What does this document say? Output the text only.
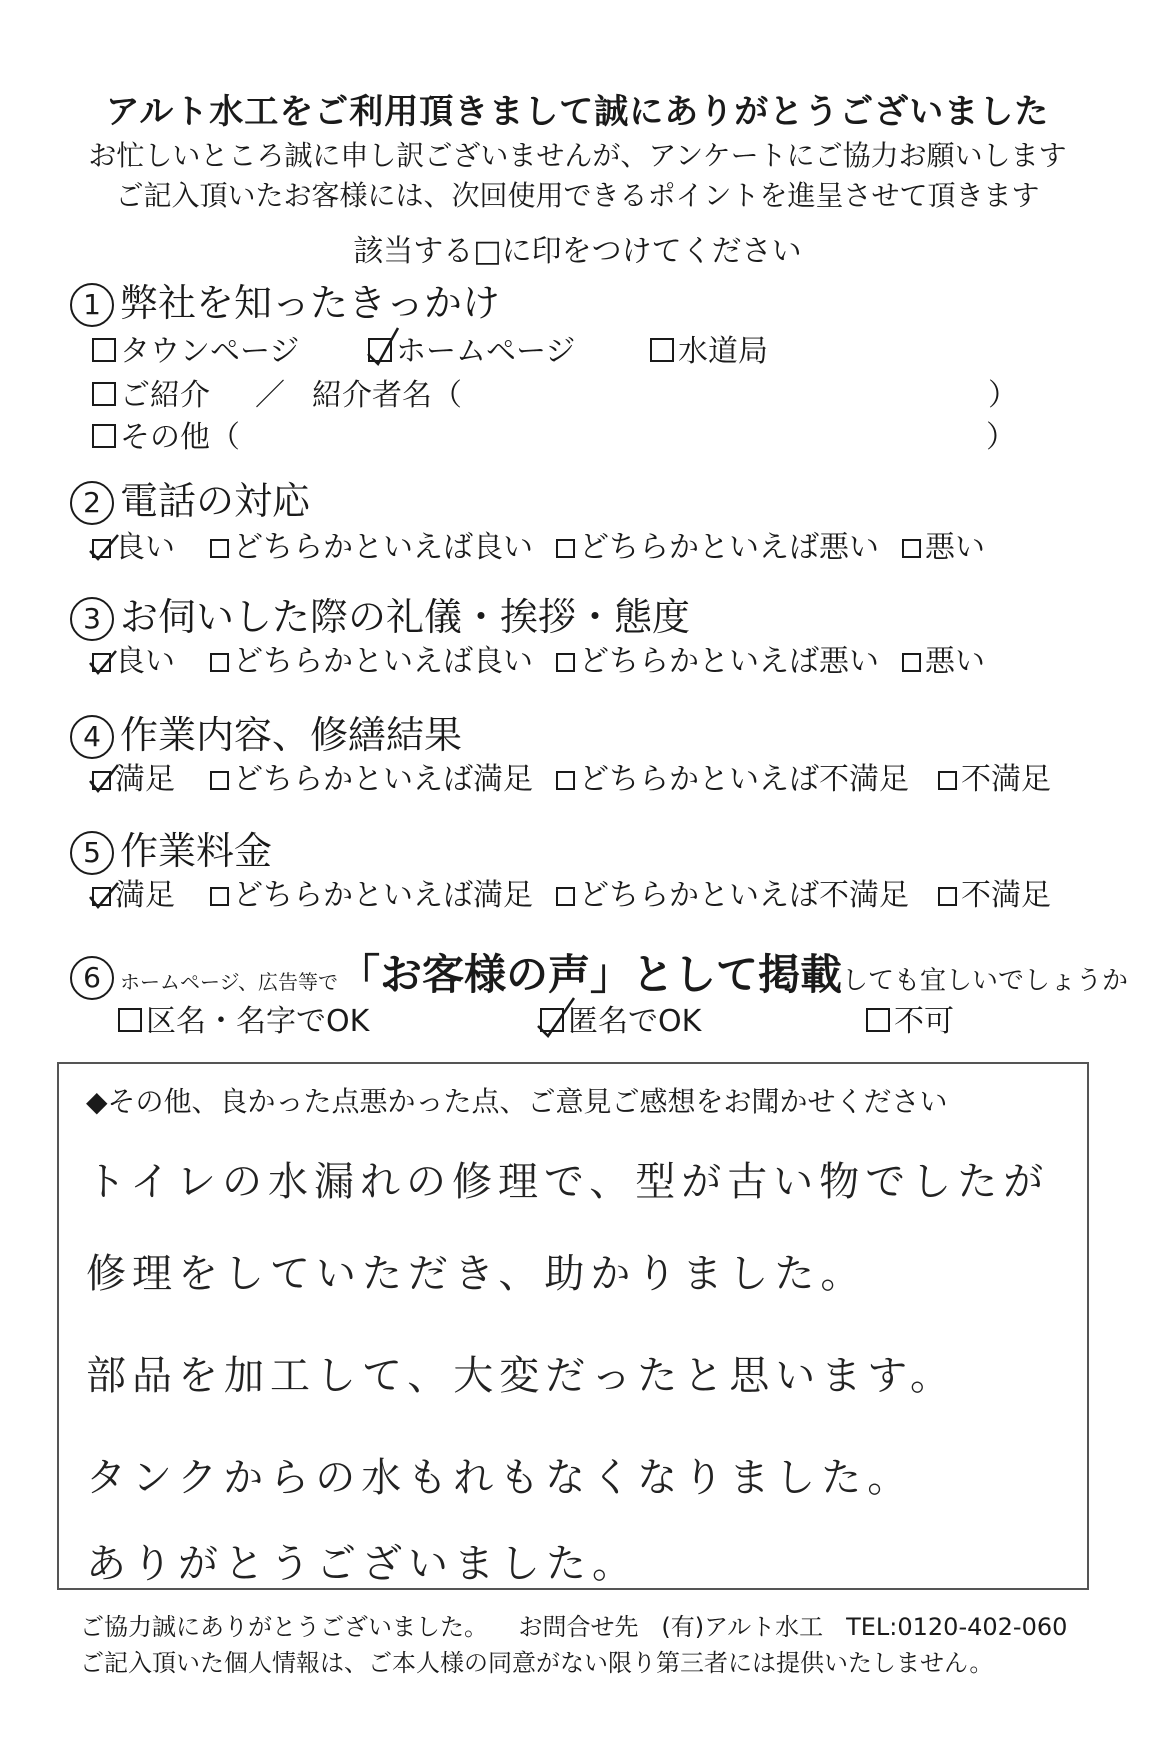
アルト水工をご利用頂きまして誠にありがとうございました
お忙しいところ誠に申し訳ございませんが、アンケートにご協力お願いします
ご記入頂いたお客様には、次回使用できるポイントを進呈させて頂きます
該当する□に印をつけてください
1 弊社を知ったきっかけ
タウンページ	ホームページ	水道局
ご紹介 ／ 紹介者名（	）
その他（	）
2 電話の対応
良い	どちらかといえば良い	どちらかといえば悪い	悪い
3 お伺いした際の礼儀・挨拶・態度
良い	どちらかといえば良い	どちらかといえば悪い	悪い
4 作業内容、修繕結果
満足	どちらかといえば満足	どちらかといえば不満足	不満足
5 作業料金
満足	どちらかといえば満足	どちらかといえば不満足	不満足
6 ホームページ、広告等で「お客様の声」として掲載しても宜しいでしょうか
区名・名字でOK	匿名でOK	不可
◆その他、良かった点悪かった点、ご意見ご感想をお聞かせください
トイレの水漏れの修理で、型が古い物でしたが
修理をしていただき、助かりました。
部品を加工して、大変だったと思います。
タンクからの水もれもなくなりました。
ありがとうございました。
ご協力誠にありがとうございました。 お問合せ先 (有)アルト水工 TEL:0120-402-060
ご記入頂いた個人情報は、ご本人様の同意がない限り第三者には提供いたしません。
